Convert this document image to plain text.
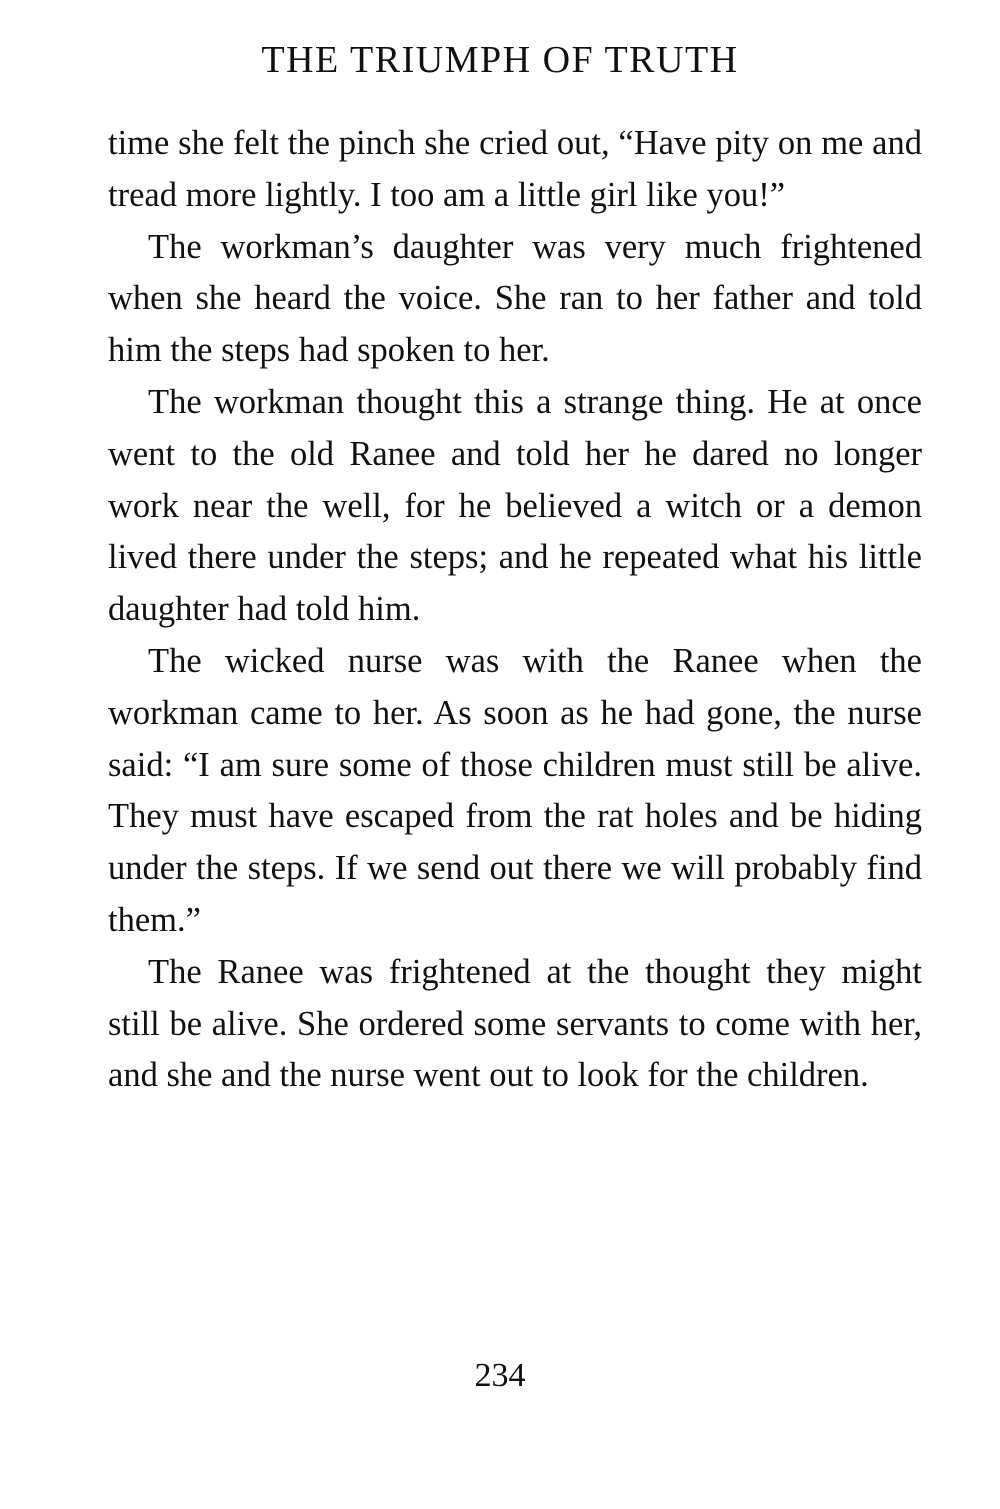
THE TRIUMPH OF TRUTH

time she felt the pinch she cried out, “Have pity on me and tread more lightly. I too am a little girl like you!”

The workman’s daughter was very much frightened when she heard the voice. She ran to her father and told him the steps had spoken to her.

The workman thought this a strange thing. He at once went to the old Ranee and told her he dared no longer work near the well, for he believed a witch or a demon lived there under the steps; and he repeated what his little daughter had told him.

The wicked nurse was with the Ranee when the workman came to her. As soon as he had gone, the nurse said: “I am sure some of those children must still be alive. They must have escaped from the rat holes and be hiding under the steps. If we send out there we will probably find them.”

The Ranee was frightened at the thought they might still be alive. She ordered some servants to come with her, and she and the nurse went out to look for the children.

234
